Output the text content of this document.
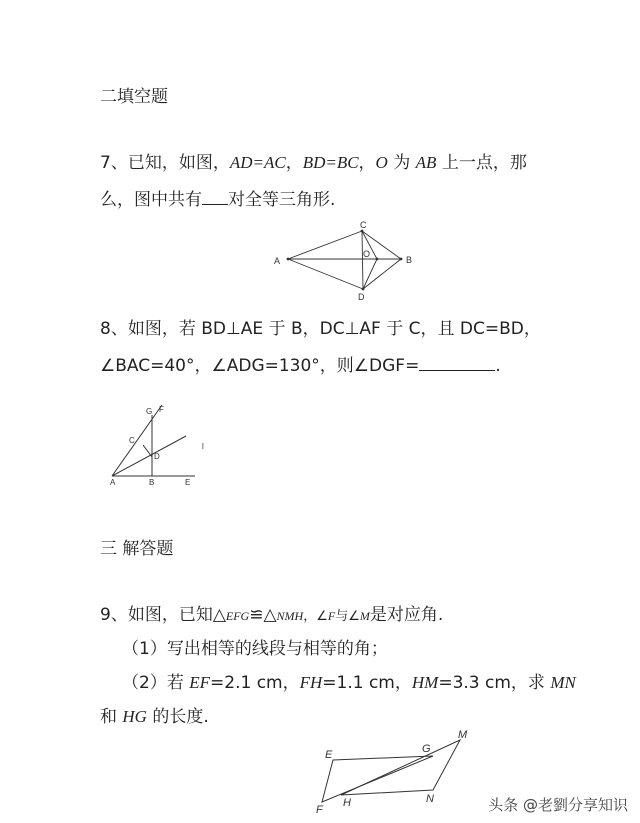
二填空题
7、已知，如图，AD=AC，BD=BC，O 为 AB 上一点，那
么，图中共有 对全等三角形.
A	B
C
D
O
8、如图，若 BD⊥AE 于 B，DC⊥AF 于 C，且 DC=BD，
∠BAC=40°，∠ADG=130°，则∠DGF=	.
F
G
C
D
A	B	E
l
三 解答题
9、如图，已知△EFG≌△NMH，∠F与∠M是对应角.
（1）写出相等的线段与相等的角；
（2）若 EF=2.1 cm，FH=1.1 cm，HM=3.3 cm，求 MN
和 HG 的长度.
E	G
M
F
H	N	头条 @老劉分享知识
